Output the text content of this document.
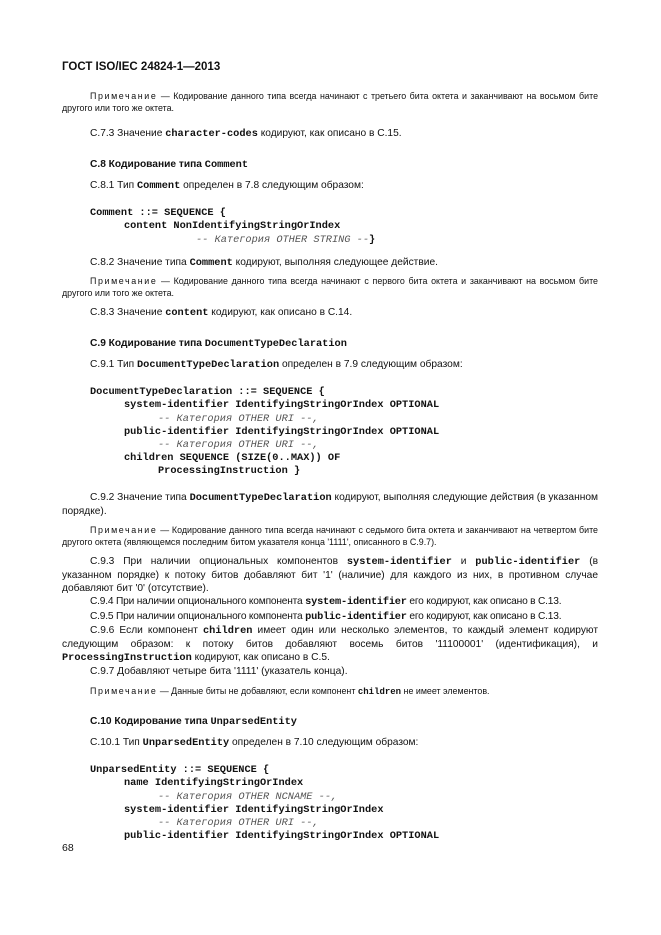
ГОСТ ISO/IEC 24824-1—2013

Примечание — Кодирование данного типа всегда начинают с третьего бита октета и заканчивают на восьмом бите другого или того же октета.

С.7.3 Значение character-codes кодируют, как описано в С.15.

С.8 Кодирование типа Comment

С.8.1 Тип Comment определен в 7.8 следующим образом:

Comment ::= SEQUENCE {
content NonIdentifyingStringOrIndex
-- Категория OTHER STRING --}

С.8.2 Значение типа Comment кодируют, выполняя следующее действие.

Примечание — Кодирование данного типа всегда начинают с первого бита октета и заканчивают на восьмом бите другого или того же октета.

С.8.3 Значение content кодируют, как описано в С.14.

С.9 Кодирование типа DocumentTypeDeclaration

С.9.1 Тип DocumentTypeDeclaration определен в 7.9 следующим образом:

DocumentTypeDeclaration ::= SEQUENCE {
system-identifier IdentifyingStringOrIndex OPTIONAL
-- Категория OTHER URI --,
public-identifier IdentifyingStringOrIndex OPTIONAL
-- Категория OTHER URI --,
children SEQUENCE (SIZE(0..MAX)) OF
ProcessingInstruction }

С.9.2 Значение типа DocumentTypeDeclaration кодируют, выполняя следующие действия (в указанном порядке).

Примечание — Кодирование данного типа всегда начинают с седьмого бита октета и заканчивают на четвертом бите другого октета (являющемся последним битом указателя конца '1111', описанного в С.9.7).

С.9.3 При наличии опциональных компонентов system-identifier и public-identifier (в указанном порядке) к потоку битов добавляют бит '1' (наличие) для каждого из них, в противном случае добавляют бит '0' (отсутствие).

С.9.4 При наличии опционального компонента system-identifier его кодируют, как описано в С.13.

С.9.5 При наличии опционального компонента public-identifier его кодируют, как описано в С.13.

С.9.6 Если компонент children имеет один или несколько элементов, то каждый элемент кодируют следующим образом: к потоку битов добавляют восемь битов '11100001' (идентификация), и ProcessingInstruction кодируют, как описано в С.5.

С.9.7 Добавляют четыре бита '1111' (указатель конца).

Примечание — Данные биты не добавляют, если компонент children не имеет элементов.

С.10 Кодирование типа UnparsedEntity

С.10.1 Тип UnparsedEntity определен в 7.10 следующим образом:

UnparsedEntity ::= SEQUENCE {
name IdentifyingStringOrIndex
-- Категория OTHER NCNAME --,
system-identifier IdentifyingStringOrIndex
-- Категория OTHER URI --,
public-identifier IdentifyingStringOrIndex OPTIONAL
68
